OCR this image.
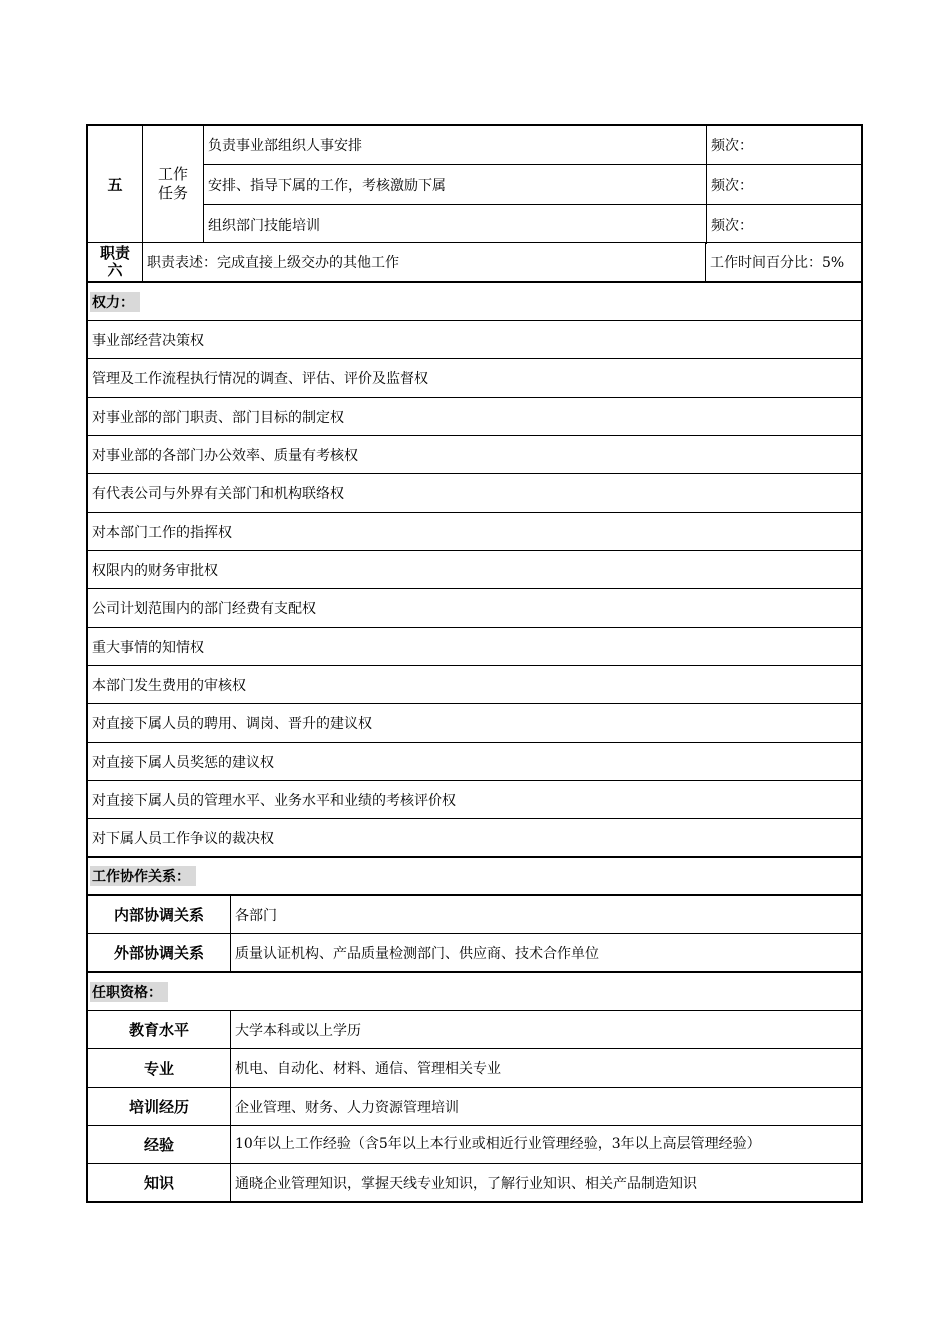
五
工作任务
负责事业部组织人事安排	频次：
安排、指导下属的工作，考核激励下属	频次：
组织部门技能培训	频次：
职责六	职责表述：完成直接上级交办的其他工作	工作时间百分比：5%
权力：
事业部经营决策权
管理及工作流程执行情况的调查、评估、评价及监督权
对事业部的部门职责、部门目标的制定权
对事业部的各部门办公效率、质量有考核权
有代表公司与外界有关部门和机构联络权
对本部门工作的指挥权
权限内的财务审批权
公司计划范围内的部门经费有支配权
重大事情的知情权
本部门发生费用的审核权
对直接下属人员的聘用、调岗、晋升的建议权
对直接下属人员奖惩的建议权
对直接下属人员的管理水平、业务水平和业绩的考核评价权
对下属人员工作争议的裁决权
工作协作关系：
内部协调关系	各部门
外部协调关系	质量认证机构、产品质量检测部门、供应商、技术合作单位
任职资格：
教育水平	大学本科或以上学历
专业	机电、自动化、材料、通信、管理相关专业
培训经历	企业管理、财务、人力资源管理培训
经验	10年以上工作经验（含5年以上本行业或相近行业管理经验，3年以上高层管理经验）
知识	通晓企业管理知识，掌握天线专业知识，了解行业知识、相关产品制造知识
